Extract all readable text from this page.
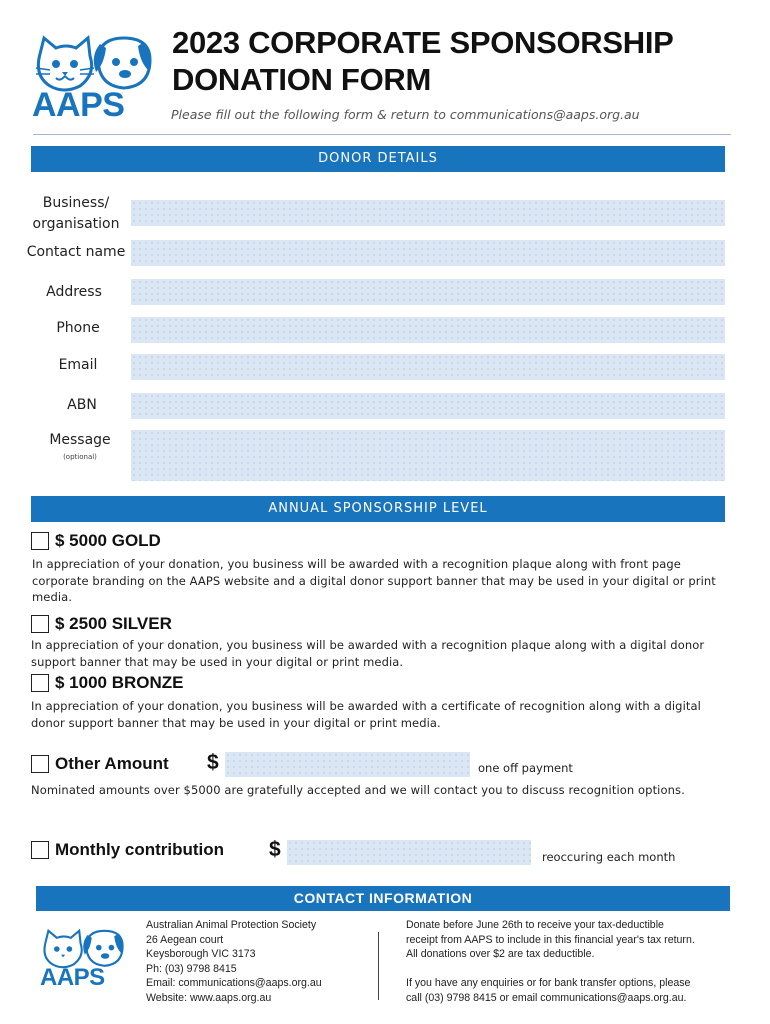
AAPS
2023 CORPORATE SPONSORSHIP
DONATION FORM
Please fill out the following form & return to communications@aaps.org.au
DONOR DETAILS
Business/
organisation
Contact name
Address
Phone
Email
ABN
Message
(optional)
ANNUAL SPONSORSHIP LEVEL
$ 5000 GOLD
In appreciation of your donation, you business will be awarded with a recognition plaque along with front page corporate branding on the AAPS website and a digital donor support banner that may be used in your digital or print media.
$ 2500 SILVER
In appreciation of your donation, you business will be awarded with a recognition plaque along with a digital donor support banner that may be used in your digital or print media.
$ 1000 BRONZE
In appreciation of your donation, you business will be awarded with a certificate of recognition along with a digital donor support banner that may be used in your digital or print media.
Other Amount $	one off payment
Nominated amounts over $5000 are gratefully accepted and we will contact you to discuss recognition options.
Monthly contribution $	reoccuring each month
CONTACT INFORMATION
AAPS
Australian Animal Protection Society
26 Aegean court
Keysborough VIC 3173
Ph: (03) 9798 8415
Email: communications@aaps.org.au
Website: www.aaps.org.au
Donate before June 26th to receive your tax-deductible
receipt from AAPS to include in this financial year's tax return.
All donations over $2 are tax deductible.
If you have any enquiries or for bank transfer options, please
call (03) 9798 8415 or email communications@aaps.org.au.
